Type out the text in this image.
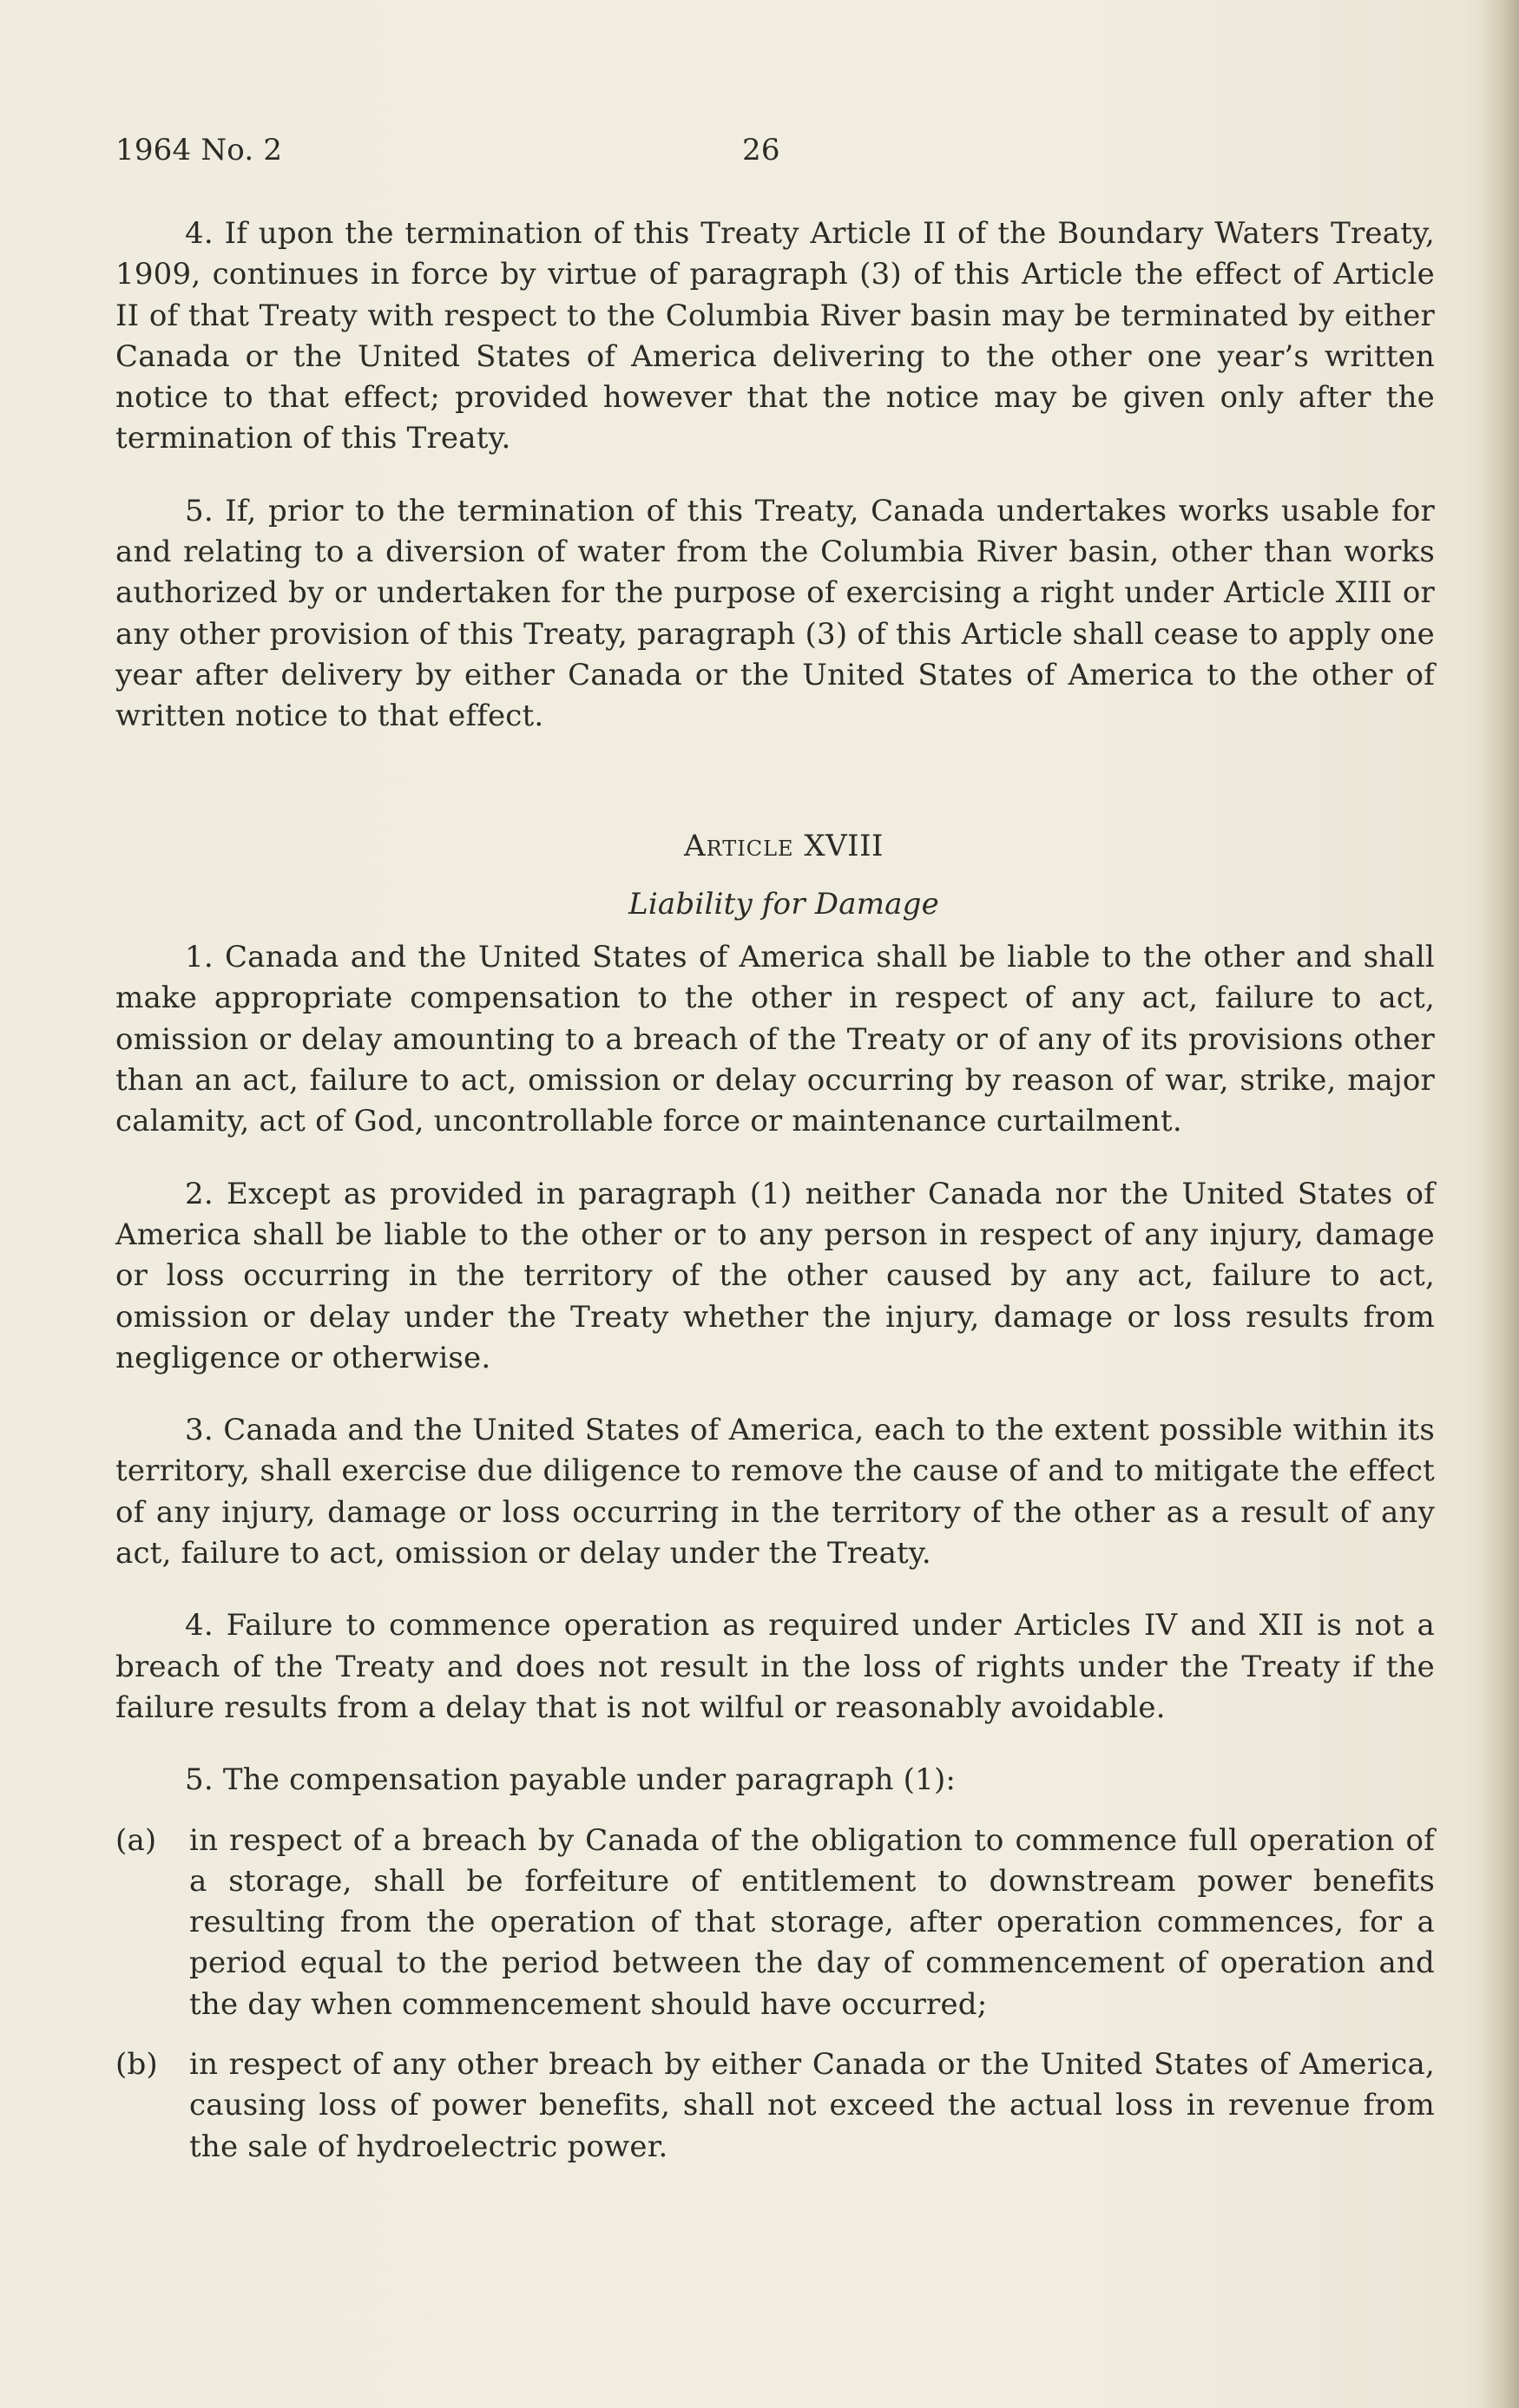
1964 No. 2	26

4. If upon the termination of this Treaty Article II of the Boundary Waters Treaty, 1909, continues in force by virtue of paragraph (3) of this Article the effect of Article II of that Treaty with respect to the Columbia River basin may be terminated by either Canada or the United States of America delivering to the other one year’s written notice to that effect; provided however that the notice may be given only after the termination of this Treaty.

5. If, prior to the termination of this Treaty, Canada undertakes works usable for and relating to a diversion of water from the Columbia River basin, other than works authorized by or undertaken for the purpose of exercising a right under Article XIII or any other provision of this Treaty, paragraph (3) of this Article shall cease to apply one year after delivery by either Canada or the United States of America to the other of written notice to that effect.

Article XVIII
Liability for Damage

1. Canada and the United States of America shall be liable to the other and shall make appropriate compensation to the other in respect of any act, failure to act, omission or delay amounting to a breach of the Treaty or of any of its provisions other than an act, failure to act, omission or delay occurring by reason of war, strike, major calamity, act of God, uncontrollable force or maintenance curtailment.

2. Except as provided in paragraph (1) neither Canada nor the United States of America shall be liable to the other or to any person in respect of any injury, damage or loss occurring in the territory of the other caused by any act, failure to act, omission or delay under the Treaty whether the injury, damage or loss results from negligence or otherwise.

3. Canada and the United States of America, each to the extent possible within its territory, shall exercise due diligence to remove the cause of and to mitigate the effect of any injury, damage or loss occurring in the territory of the other as a result of any act, failure to act, omission or delay under the Treaty.

4. Failure to commence operation as required under Articles IV and XII is not a breach of the Treaty and does not result in the loss of rights under the Treaty if the failure results from a delay that is not wilful or reasonably avoidable.

5. The compensation payable under paragraph (1):

(a)	in respect of a breach by Canada of the obligation to commence full operation of a storage, shall be forfeiture of entitlement to downstream power benefits resulting from the operation of that storage, after operation commences, for a period equal to the period between the day of commencement of operation and the day when commencement should have occurred;
(b)	in respect of any other breach by either Canada or the United States of America, causing loss of power benefits, shall not exceed the actual loss in revenue from the sale of hydroelectric power.
